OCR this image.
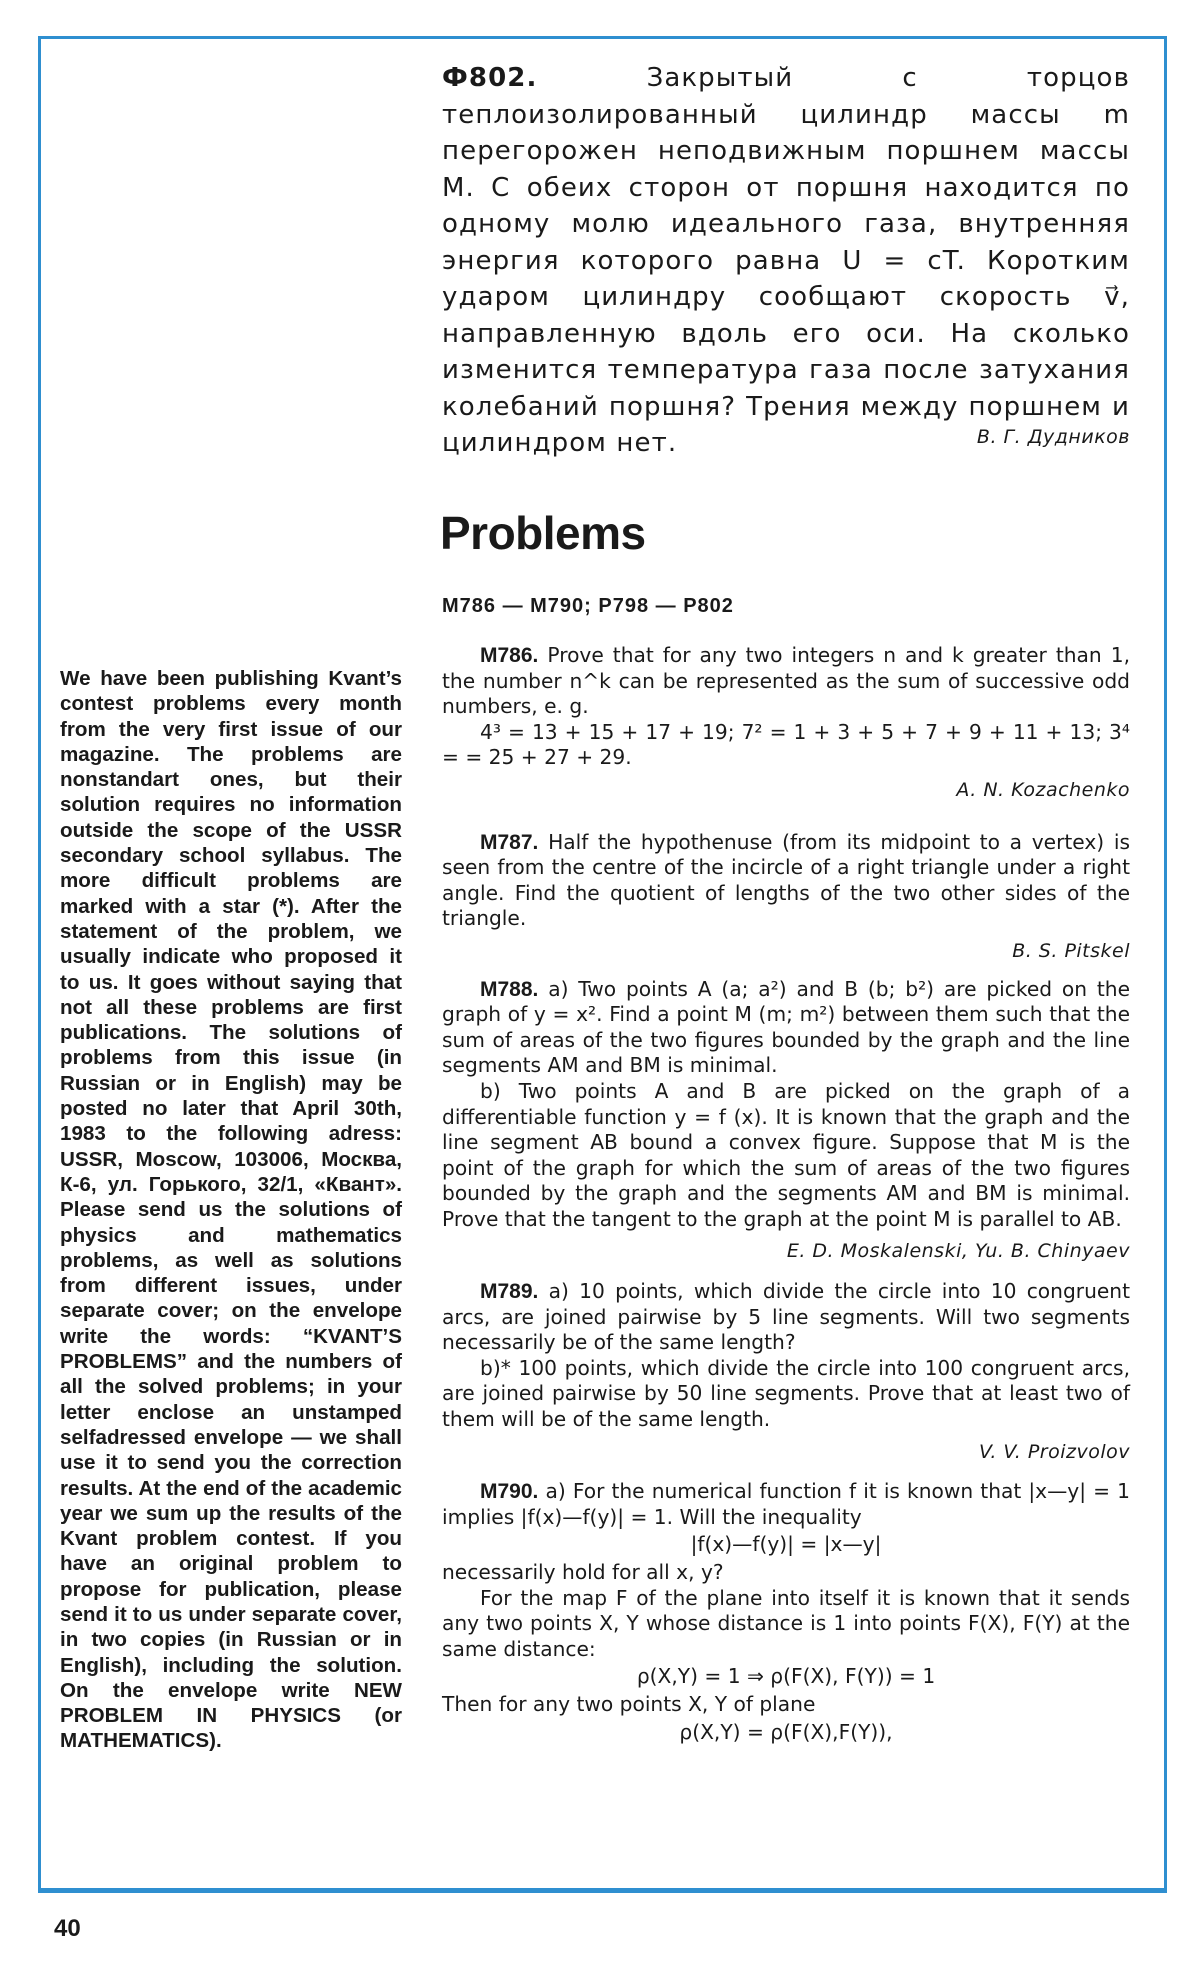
40
Ф802.	Закрытый с торцов теплоизолированный цилиндр массы m перегорожен неподвижным поршнем массы M. С обеих сторон от поршня находится по одному молю идеального газа, внутренняя энергия которого равна U = cT. Коротким ударом цилиндру сообщают скорость v⃗, направленную вдоль его оси. На сколько изменится температура газа после затухания колебаний поршня? Трения между поршнем и цилиндром нет.	В. Г. Дудников
Problems
M786 — M790; P798 — P802
We have been publishing Kvant’s contest problems every month from the very first issue of our magazine. The problems are nonstandart ones, but their solution requires no information outside the scope of the USSR secondary school syllabus. The more difficult problems are marked with a star (*). After the statement of the problem, we usually indicate who proposed it to us. It goes without saying that not all these problems are first publications. The solutions of problems from this issue (in Russian or in English) may be posted no later that April 30th, 1983 to the following adress: USSR, Moscow, 103006, Москва, К-6, ул. Горького, 32/1, «Квант». Please send us the solutions of physics and mathematics problems, as well as solutions from different issues, under separate cover; on the envelope write the words: “KVANT’S PROBLEMS” and the numbers of all the solved problems; in your letter enclose an unstamped selfadressed envelope — we shall use it to send you the correction results. At the end of the academic year we sum up the results of the Kvant problem contest. If you have an original problem to propose for publication, please send it to us under separate cover, in two copies (in Russian or in English), including the solution. On the envelope write NEW PROBLEM IN PHYSICS (or MATHEMATICS).

M786. Prove that for any two integers n and k greater than 1, the number n^k can be represented as the sum of successive odd numbers, e. g.

4³ = 13 + 15 + 17 + 19; 7² = 1 + 3 + 5 + 7 + 9 + 11 + 13; 3⁴ = = 25 + 27 + 29.

A. N. Kozachenko

M787. Half the hypothenuse (from its midpoint to a vertex) is seen from the centre of the incircle of a right triangle under a right angle. Find the quotient of lengths of the two other sides of the triangle.

B. S. Pitskel

M788. a) Two points A (a; a²) and B (b; b²) are picked on the graph of y = x². Find a point M (m; m²) between them such that the sum of areas of the two figures bounded by the graph and the line segments AM and BM is minimal.

b) Two points A and B are picked on the graph of a differentiable function y = f (x). It is known that the graph and the line segment AB bound a convex figure. Suppose that M is the point of the graph for which the sum of areas of the two figures bounded by the graph and the segments AM and BM is minimal. Prove that the tangent to the graph at the point M is parallel to AB.

E. D. Moskalenski, Yu. B. Chinyaev

M789. a) 10 points, which divide the circle into 10 congruent arcs, are joined pairwise by 5 line segments. Will two segments necessarily be of the same length?

b)* 100 points, which divide the circle into 100 congruent arcs, are joined pairwise by 50 line segments. Prove that at least two of them will be of the same length.

V. V. Proizvolov

M790. a) For the numerical function f it is known that |x—y| = 1 implies |f(x)—f(y)| = 1. Will the inequality

|f(x)—f(y)| = |x—y|

necessarily hold for all x, y?

For the map F of the plane into itself it is known that it sends any two points X, Y whose distance is 1 into points F(X), F(Y) at the same distance:

ρ(X,Y) = 1 ⇒ ρ(F(X), F(Y)) = 1

Then for any two points X, Y of plane

ρ(X,Y) = ρ(F(X),F(Y)),
